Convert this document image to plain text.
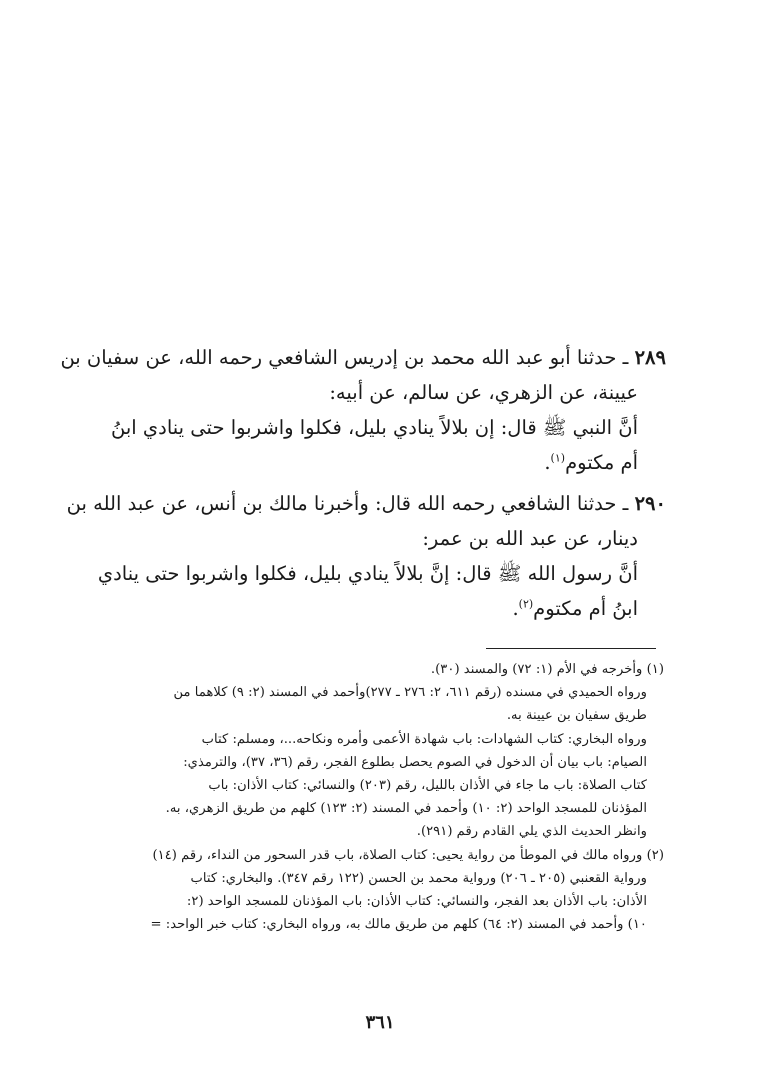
٢٨٩ ـ حدثنا أبو عبد الله محمد بن إدريس الشافعي رحمه الله، عن سفيان بن
عيينة، عن الزهري، عن سالم، عن أبيه:
أنَّ النبي ﷺ قال: إن بلالاً ينادي بليل، فكلوا واشربوا حتى ينادي ابنُ
أم مكتوم$^{(١)}$.
٢٩٠ ـ حدثنا الشافعي رحمه الله قال: وأخبرنا مالك بن أنس، عن عبد الله بن
دينار، عن عبد الله بن عمر:
أنَّ رسول الله ﷺ قال: إنَّ بلالاً ينادي بليل، فكلوا واشربوا حتى ينادي
ابنُ أم مكتوم$^{(٢)}$.
(١) وأخرجه في الأم (١: ٧٢) والمسند (٣٠).
ورواه الحميدي في مسنده (رقم ٦١١، ٢: ٢٧٦ ـ ٢٧٧)وأحمد في المسند (٢: ٩) كلاهما من
طريق سفيان بن عيينة به.
ورواه البخاري: كتاب الشهادات: باب شهادة الأعمى وأمره ونكاحه...، ومسلم: كتاب
الصيام: باب بيان أن الدخول في الصوم يحصل بطلوع الفجر، رقم (٣٦، ٣٧)، والترمذي:
كتاب الصلاة: باب ما جاء في الأذان بالليل، رقم (٢٠٣) والنسائي: كتاب الأذان: باب
المؤذنان للمسجد الواحد (٢: ١٠) وأحمد في المسند (٢: ١٢٣) كلهم من طريق الزهري، به.
وانظر الحديث الذي يلي القادم رقم (٢٩١).
(٢) ورواه مالك في الموطأ من رواية يحيى: كتاب الصلاة، باب قدر السحور من النداء، رقم (١٤)
ورواية القعنبي (٢٠٥ ـ ٢٠٦) ورواية محمد بن الحسن (١٢٢ رقم ٣٤٧). والبخاري: كتاب
الأذان: باب الأذان بعد الفجر، والنسائي: كتاب الأذان: باب المؤذنان للمسجد الواحد (٢:
١٠) وأحمد في المسند (٢: ٦٤) كلهم من طريق مالك به، ورواه البخاري: كتاب خبر الواحد: =
٣٦١
